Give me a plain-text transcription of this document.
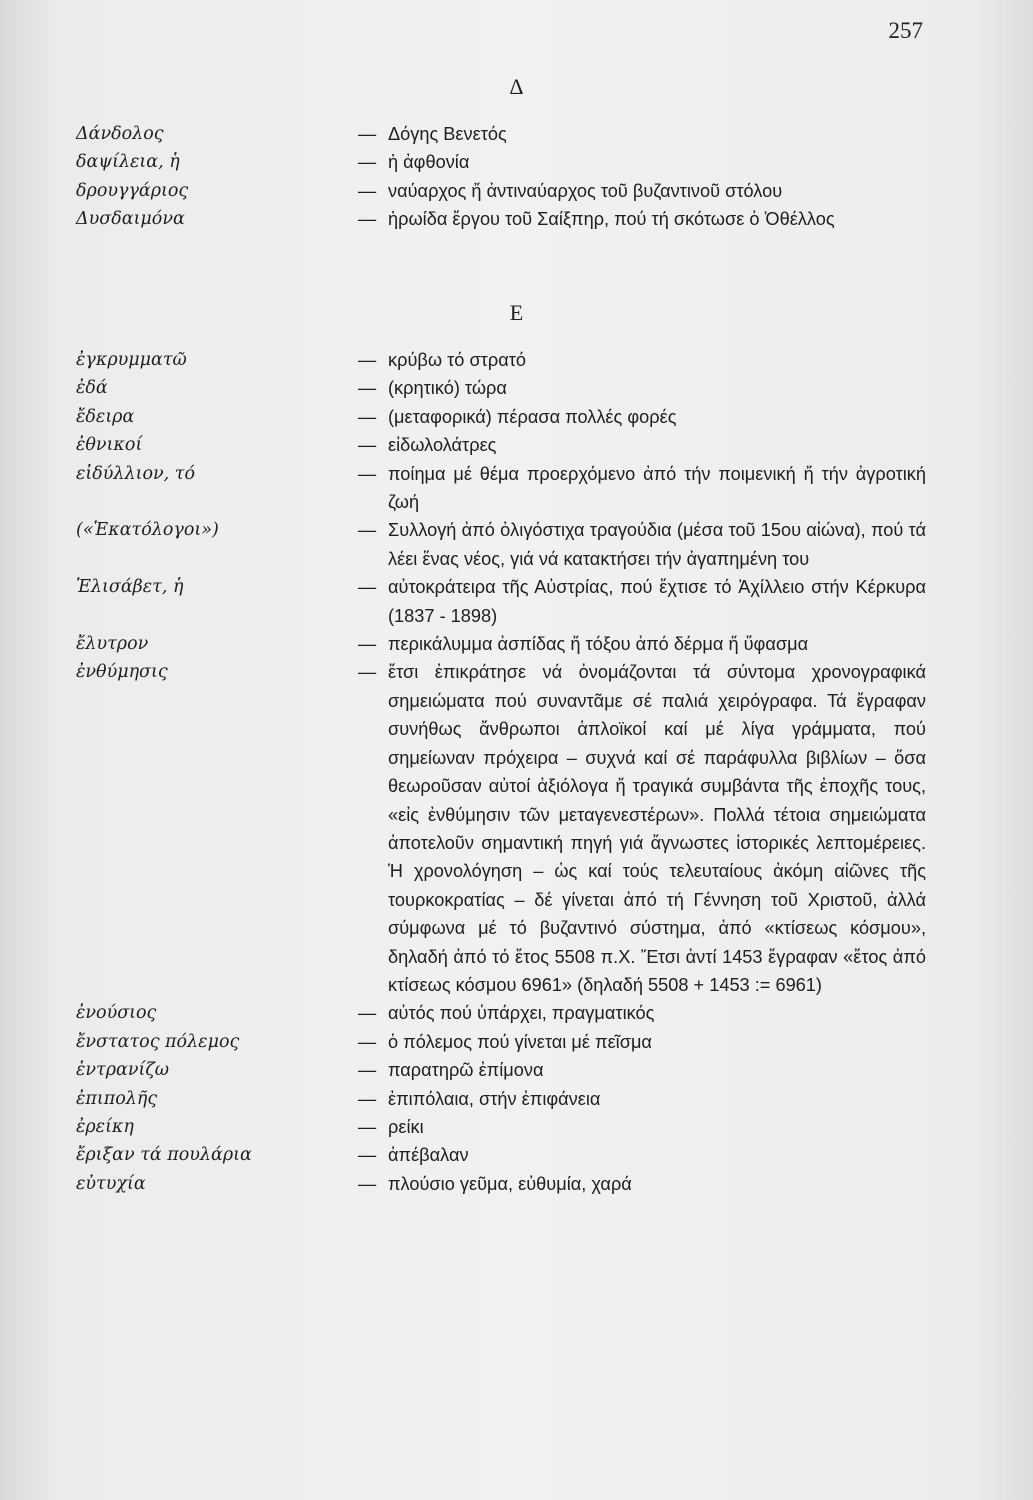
257
Δ
Δάνδολος	— Δόγης Βενετός
δαψίλεια, ἡ	— ἡ ἀφθονία
δρουγγάριος	— ναύαρχος ἤ ἀντιναύαρχος τοῦ βυζαντινοῦ στόλου
Δυσδαιμόνα	— ἡρωίδα ἔργου τοῦ Σαίξπηρ, πού τή σκότωσε ὁ Ὀθέλλος
Ε
ἐγκρυμματῶ	— κρύβω τό στρατό
ἐδά	— (κρητικό) τώρα
ἔδειρα	— (μεταφορικά) πέρασα πολλές φορές
ἐθνικοί	— εἰδωλολάτρες
εἰδύλλιον, τό	— ποίημα μέ θέμα προερχόμενο ἀπό τήν ποιμενική ἤ τήν ἀγροτική ζωή
(«Ἑκατόλογοι»)	— Συλλογή ἀπό ὀλιγόστιχα τραγούδια (μέσα τοῦ 15ου αἰώνα), πού τά λέει ἕνας νέος, γιά νά κατακτήσει τήν ἀγαπημένη του
Ἐλισάβετ, ἡ	— αὐτοκράτειρα τῆς Αὐστρίας, πού ἔχτισε τό Ἀχίλλειο στήν Κέρκυρα (1837 - 1898)
ἔλυτρον	— περικάλυμμα ἀσπίδας ἤ τόξου ἀπό δέρμα ἤ ὕφασμα
ἐνθύμησις	— ἔτσι ἐπικράτησε νά ὀνομάζονται τά σύντομα χρονογραφικά σημειώματα πού συναντᾶμε σέ παλιά χειρόγραφα. Τά ἔγραφαν συνήθως ἄνθρωποι ἁπλοϊκοί καί μέ λίγα γράμματα, πού σημείωναν πρόχειρα – συχνά καί σέ παράφυλλα βιβλίων – ὅσα θεωροῦσαν αὐτοί ἀξιόλογα ἤ τραγικά συμβάντα τῆς ἐποχῆς τους, «εἰς ἐνθύμησιν τῶν μεταγενεστέρων». Πολλά τέτοια σημειώματα ἀποτελοῦν σημαντική πηγή γιά ἄγνωστες ἱστορικές λεπτομέρειες. Ἡ χρονολόγηση – ὡς καί τούς τελευταίους ἀκόμη αἰῶνες τῆς τουρκοκρατίας – δέ γίνεται ἀπό τή Γέννηση τοῦ Χριστοῦ, ἀλλά σύμφωνα μέ τό βυζαντινό σύστημα, ἀπό «κτίσεως κόσμου», δηλαδή ἀπό τό ἔτος 5508 π.Χ. Ἔτσι ἀντί 1453 ἔγραφαν «ἔτος ἀπό κτίσεως κόσμου 6961» (δηλαδή 5508 + 1453 := 6961)
ἐνούσιος	— αὐτός πού ὑπάρχει, πραγματικός
ἔνστατος πόλεμος	— ὁ πόλεμος πού γίνεται μέ πεῖσμα
ἐντρανίζω	— παρατηρῶ ἐπίμονα
ἐπιπολῆς	— ἐπιπόλαια, στήν ἐπιφάνεια
ἐρείκη	— ρείκι
ἔριξαν τά πουλάρια	— ἀπέβαλαν
εὐτυχία	— πλούσιο γεῦμα, εὐθυμία, χαρά
